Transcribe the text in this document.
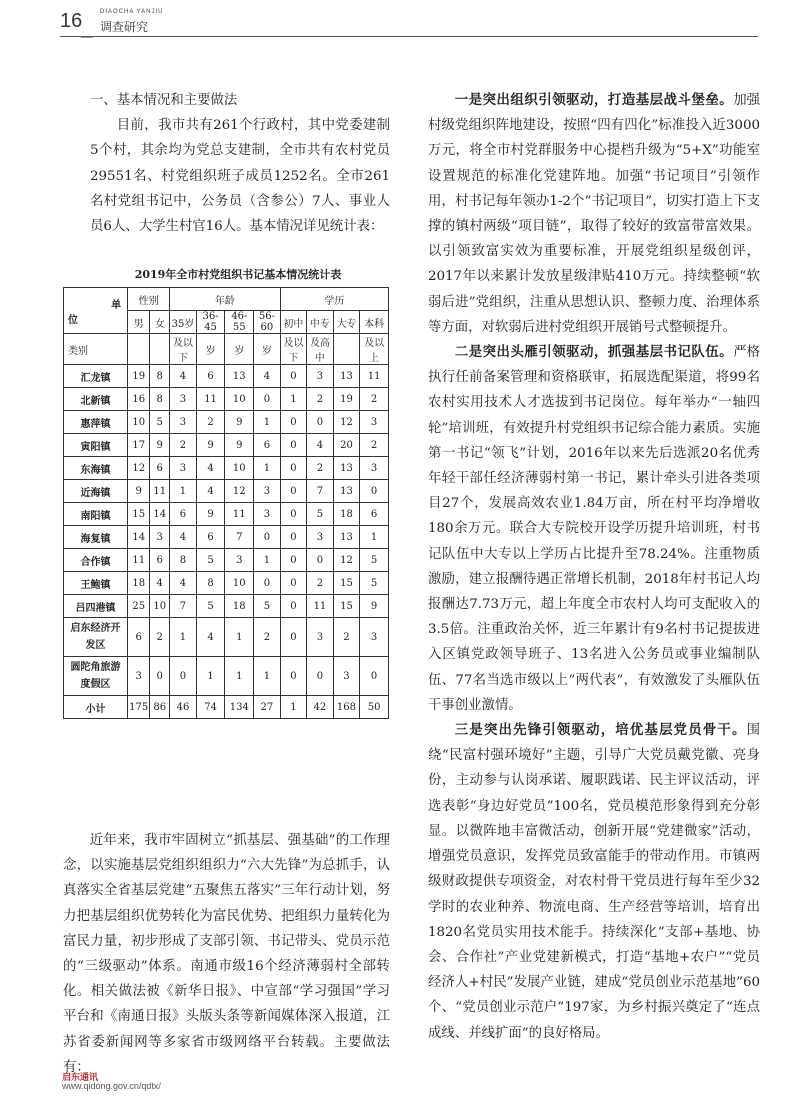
16	DIAOCHA YANJIU
调查研究

一、基本情况和主要做法

目前，我市共有261个行政村，其中党委建制5个村，其余均为党总支建制，全市共有农村党员29551名、村党组织班子成员1252名。全市261名村党组书记中，公务员（含参公）7人、事业人员6人、大学生村官16人。基本情况详见统计表：

2019年全市村党组织书记基本情况统计表
单
位	性别		年龄				学历			
	男	女	35岁	36-45	46-55	56-60	初中	中专	大专	本科
类别			及以下	岁	岁	岁	及以下	及高中		及以上
汇龙镇	19	8	4	6	13	4	0	3	13	11
北新镇	16	8	3	11	10	0	1	2	19	2
惠萍镇	10	5	3	2	9	1	0	0	12	3
寅阳镇	17	9	2	9	9	6	0	4	20	2
东海镇	12	6	3	4	10	1	0	2	13	3
近海镇	9	11	1	4	12	3	0	7	13	0
南阳镇	15	14	6	9	11	3	0	5	18	6
海复镇	14	3	4	6	7	0	0	3	13	1
合作镇	11	6	8	5	3	1	0	0	12	5
王鲍镇	18	4	4	8	10	0	0	2	15	5
吕四港镇	25	10	7	5	18	5	0	11	15	9
启东经济开发区	6	2	1	4	1	2	0	3	2	3
圆陀角旅游度假区	3	0	0	1	1	1	0	0	3	0
小计	175	86	46	74	134	27	1	42	168	50

近年来，我市牢固树立“抓基层、强基础”的工作理念，以实施基层党组织组织力“六大先锋”为总抓手，认真落实全省基层党建“五聚焦五落实”三年行动计划，努力把基层组织优势转化为富民优势、把组织力量转化为富民力量，初步形成了支部引领、书记带头、党员示范的“三级驱动”体系。南通市级16个经济薄弱村全部转化。相关做法被《新华日报》、中宣部“学习强国”学习平台和《南通日报》头版头条等新闻媒体深入报道，江苏省委新闻网等多家省市级网络平台转载。主要做法有：

一是突出组织引领驱动，打造基层战斗堡垒。加强村级党组织阵地建设，按照“四有四化”标准投入近3000万元，将全市村党群服务中心提档升级为“5+X”功能室设置规范的标准化党建阵地。加强“书记项目”引领作用，村书记每年领办1-2个“书记项目”，切实打造上下支撑的镇村两级“项目链”，取得了较好的致富带富效果。以引领致富实效为重要标准，开展党组织星级创评，2017年以来累计发放星级津贴410万元。持续整顿“软弱后进”党组织，注重从思想认识、整顿力度、治理体系等方面，对软弱后进村党组织开展销号式整顿提升。

二是突出头雁引领驱动，抓强基层书记队伍。严格执行任前备案管理和资格联审，拓展选配渠道，将99名农村实用技术人才选拔到书记岗位。每年举办“一轴四轮”培训班，有效提升村党组织书记综合能力素质。实施第一书记“领飞”计划，2016年以来先后选派20名优秀年轻干部任经济薄弱村第一书记，累计牵头引进各类项目27个，发展高效农业1.84万亩，所在村平均净增收180余万元。联合大专院校开设学历提升培训班，村书记队伍中大专以上学历占比提升至78.24%。注重物质激励，建立报酬待遇正常增长机制，2018年村书记人均报酬达7.73万元，超上年度全市农村人均可支配收入的3.5倍。注重政治关怀，近三年累计有9名村书记提拔进入区镇党政领导班子、13名进入公务员或事业编制队伍、77名当选市级以上“两代表”，有效激发了头雁队伍干事创业激情。

三是突出先锋引领驱动，培优基层党员骨干。围绕“民富村强环境好”主题，引导广大党员戴党徽、亮身份，主动参与认岗承诺、履职践诺、民主评议活动，评选表彰“身边好党员”100名，党员模范形象得到充分彰显。以微阵地丰富微活动，创新开展“党建微家”活动，增强党员意识，发挥党员致富能手的带动作用。市镇两级财政提供专项资金，对农村骨干党员进行每年至少32学时的农业种养、物流电商、生产经营等培训，培育出1820名党员实用技术能手。持续深化“支部+基地、协会、合作社”产业党建新模式，打造“基地+农户”“党员经济人+村民”发展产业链，建成“党员创业示范基地”60个、“党员创业示范户”197家，为乡村振兴奠定了“连点成线、并线扩面”的良好格局。

启东通讯
www.qidong.gov.cn/qdtx/
